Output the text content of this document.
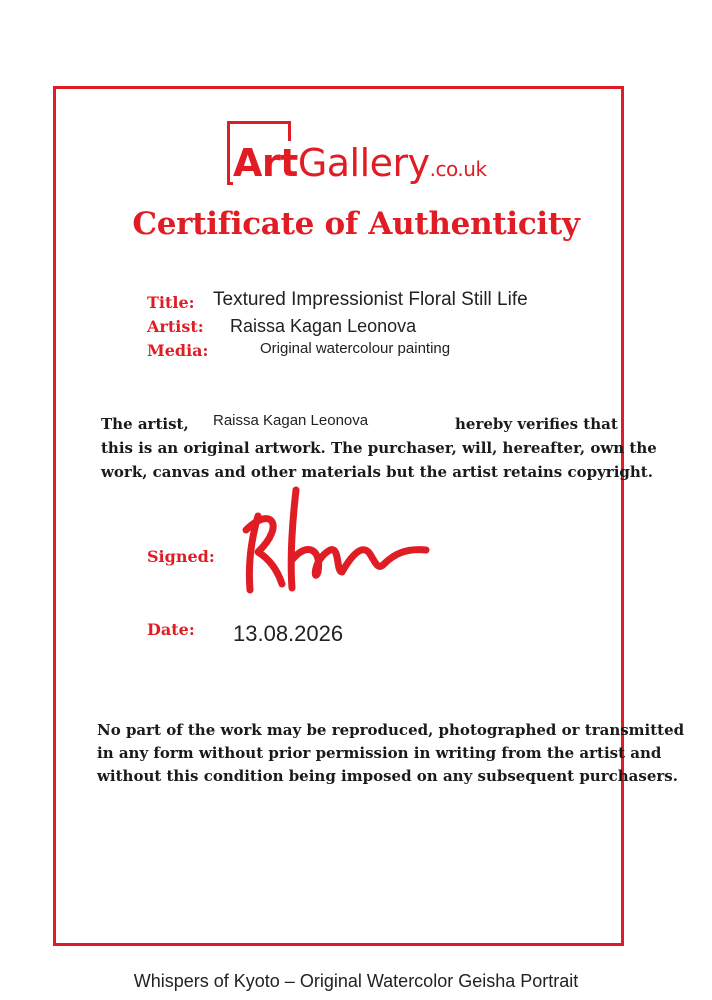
ArtGallery.co.uk
Certificate of Authenticity
Title: Textured Impressionist Floral Still Life
Artist: Raissa Kagan Leonova
Media:	Original watercolour painting
The artist, Raissa Kagan Leonova	hereby verifies that
this is an original artwork. The purchaser, will, hereafter, own the
work, canvas and other materials but the artist retains copyright.
Signed:
Date: 13.08.2026
No part of the work may be reproduced, photographed or transmitted
in any form without prior permission in writing from the artist and
without this condition being imposed on any subsequent purchasers.
Whispers of Kyoto – Original Watercolor Geisha Portrait
